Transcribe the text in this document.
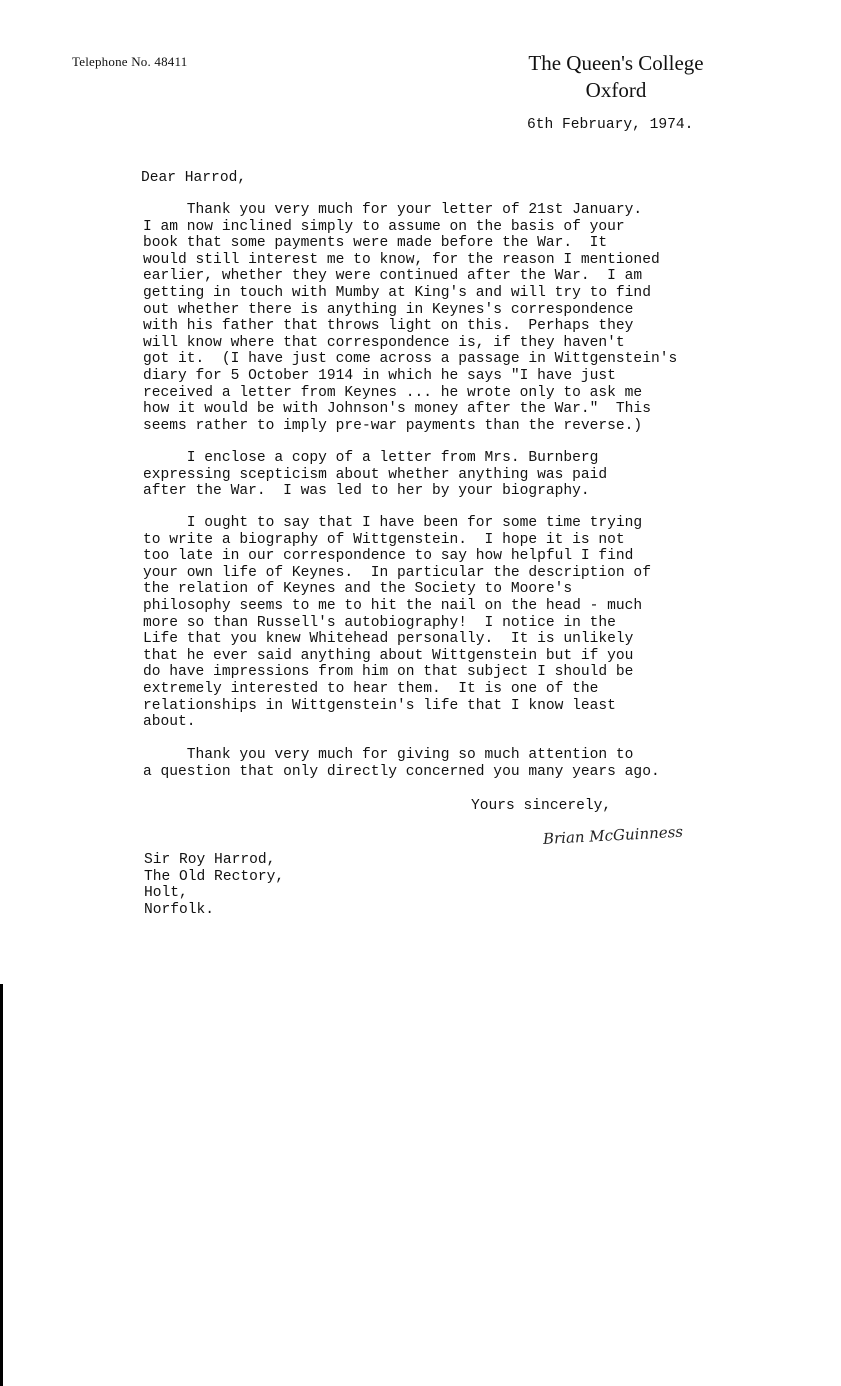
Telephone No. 48411	The Queen's College
Oxford
6th February, 1974.
Dear Harrod,
Thank you very much for your letter of 21st January.
I am now inclined simply to assume on the basis of your
book that some payments were made before the War.  It
would still interest me to know, for the reason I mentioned
earlier, whether they were continued after the War.  I am
getting in touch with Mumby at King's and will try to find
out whether there is anything in Keynes's correspondence
with his father that throws light on this.  Perhaps they
will know where that correspondence is, if they haven't
got it.  (I have just come across a passage in Wittgenstein's
diary for 5 October 1914 in which he says "I have just
received a letter from Keynes ... he wrote only to ask me
how it would be with Johnson's money after the War."  This
seems rather to imply pre-war payments than the reverse.)
I enclose a copy of a letter from Mrs. Burnberg
expressing scepticism about whether anything was paid
after the War.  I was led to her by your biography.
I ought to say that I have been for some time trying
to write a biography of Wittgenstein.  I hope it is not
too late in our correspondence to say how helpful I find
your own life of Keynes.  In particular the description of
the relation of Keynes and the Society to Moore's
philosophy seems to me to hit the nail on the head - much
more so than Russell's autobiography!  I notice in the
Life that you knew Whitehead personally.  It is unlikely
that he ever said anything about Wittgenstein but if you
do have impressions from him on that subject I should be
extremely interested to hear them.  It is one of the
relationships in Wittgenstein's life that I know least
about.
Thank you very much for giving so much attention to
a question that only directly concerned you many years ago.
Yours sincerely,
Brian McGuinness
Sir Roy Harrod,
The Old Rectory,
Holt,
Norfolk.
